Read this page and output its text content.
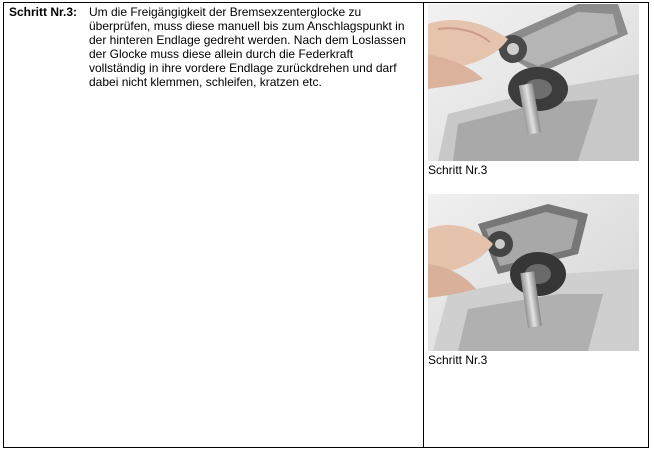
Schritt Nr.3: Um die Freigängigkeit der Bremsexzenterglocke zu überprüfen, muss diese manuell bis zum Anschlagspunkt in der hinteren Endlage gedreht werden. Nach dem Loslassen der Glocke muss diese allein durch die Federkraft vollständig in ihre vordere Endlage zurückdrehen und darf dabei nicht klemmen, schleifen, kratzen etc.
Schritt Nr.3
Schritt Nr.3
